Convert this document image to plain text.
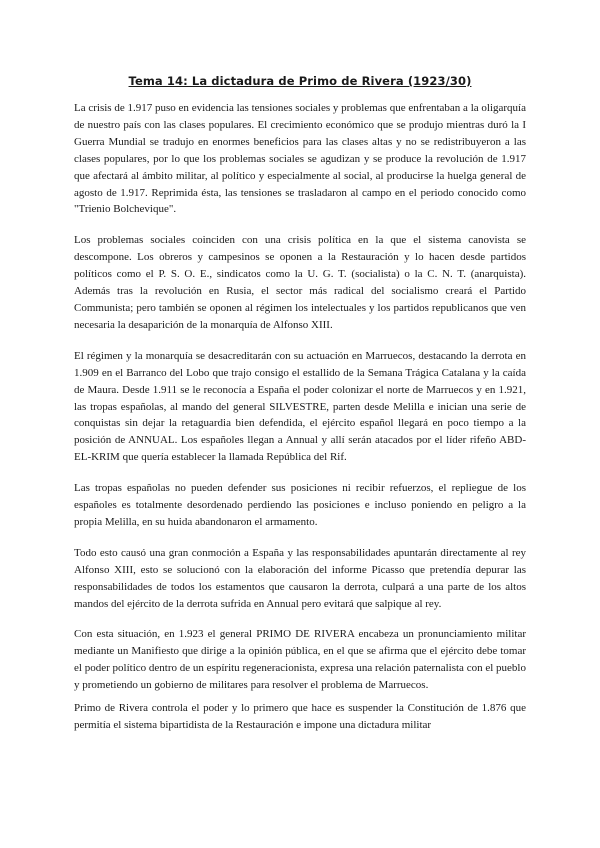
Tema 14: La dictadura de Primo de Rivera (1923/30)

La crisis de 1.917 puso en evidencia las tensiones sociales y problemas que enfrentaban a la oligarquía de nuestro país con las clases populares. El crecimiento económico que se produjo mientras duró la I Guerra Mundial se tradujo en enormes beneficios para las clases altas y no se redistribuyeron a las clases populares, por lo que los problemas sociales se agudizan y se produce la revolución de 1.917 que afectará al ámbito militar, al político y especialmente al social, al producirse la huelga general de agosto de 1.917. Reprimida ésta, las tensiones se trasladaron al campo en el periodo conocido como "Trienio Bolchevique".

Los problemas sociales coinciden con una crisis política en la que el sistema canovista se descompone. Los obreros y campesinos se oponen a la Restauración y lo hacen desde partidos políticos como el P. S. O. E., sindicatos como la U. G. T. (socialista) o la C. N. T. (anarquista). Además tras la revolución en Rusia, el sector más radical del socialismo creará el Partido Communista; pero también se oponen al régimen los intelectuales y los partidos republicanos que ven necesaria la desaparición de la monarquía de Alfonso XIII.

El régimen y la monarquía se desacreditarán con su actuación en Marruecos, destacando la derrota en 1.909 en el Barranco del Lobo que trajo consigo el estallido de la Semana Trágica Catalana y la caída de Maura. Desde 1.911 se le reconocía a España el poder colonizar el norte de Marruecos y en 1.921, las tropas españolas, al mando del general SILVESTRE, parten desde Melilla e inician una serie de conquistas sin dejar la retaguardia bien defendida, el ejército español llegará en poco tiempo a la posición de ANNUAL. Los españoles llegan a Annual y allí serán atacados por el líder rifeño ABD-EL-KRIM que quería establecer la llamada República del Rif.

Las tropas españolas no pueden defender sus posiciones ni recibir refuerzos, el repliegue de los españoles es totalmente desordenado perdiendo las posiciones e incluso poniendo en peligro a la propia Melilla, en su huida abandonaron el armamento.

Todo esto causó una gran conmoción a España y las responsabilidades apuntarán directamente al rey Alfonso XIII, esto se solucionó con la elaboración del informe Picasso que pretendía depurar las responsabilidades de todos los estamentos que causaron la derrota, culpará a una parte de los altos mandos del ejército de la derrota sufrida en Annual pero evitará que salpique al rey.

Con esta situación, en 1.923 el general PRIMO DE RIVERA encabeza un pronunciamiento militar mediante un Manifiesto que dirige a la opinión pública, en el que se afirma que el ejército debe tomar el poder político dentro de un espíritu regeneracionista, expresa una relación paternalista con el pueblo y prometiendo un gobierno de militares para resolver el problema de Marruecos.

Primo de Rivera controla el poder y lo primero que hace es suspender la Constitución de 1.876 que permitía el sistema bipartidista de la Restauración e impone una dictadura militar
